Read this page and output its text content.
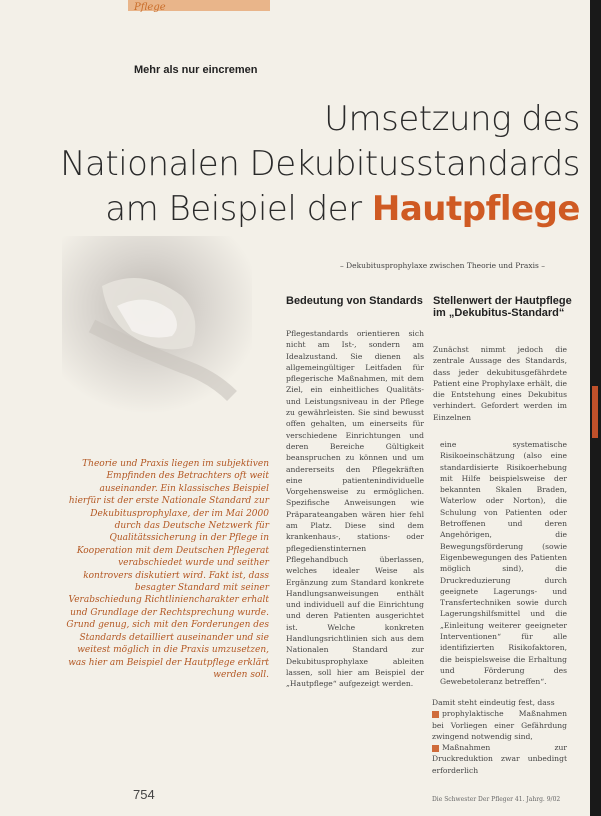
Pflege
Mehr als nur eincremen
Umsetzung des
Nationalen Dekubitusstandards
am Beispiel der Hautpflege
– Dekubitusprophylaxe zwischen Theorie und Praxis –
Theorie und Praxis liegen im subjektiven Empfinden des Betrachters oft weit auseinander. Ein klassisches Beispiel hierfür ist der erste Nationale Standard zur Dekubitusprophylaxe, der im Mai 2000 durch das Deutsche Netzwerk für Qualitätssicherung in der Pflege in Kooperation mit dem Deutschen Pflegerat verabschiedet wurde und seither kontrovers diskutiert wird. Fakt ist, dass besagter Standard mit seiner Verabschiedung Richtliniencharakter erhalt und Grundlage der Rechtsprechung wurde. Grund genug, sich mit den Forderungen des Standards detailliert auseinander und sie weitest möglich in die Praxis umzusetzen, was hier am Beispiel der Hautpflege erklärt werden soll.
Bedeutung von Standards
Pflegestandards orientieren sich nicht am Ist-, sondern am Idealzustand. Sie dienen als allgemeingültiger Leitfaden für pflegerische Maßnahmen, mit dem Ziel, ein einheitliches Qualitäts- und Leistungsniveau in der Pflege zu gewährleisten. Sie sind bewusst offen gehalten, um einerseits für verschiedene Einrichtungen und deren Bereiche Gültigkeit beanspruchen zu können und um andererseits den Pflegekräften eine patientenindividuelle Vorgehensweise zu ermöglichen. Spezifische Anweisungen wie Präparateangaben wären hier fehl am Platz. Diese sind dem krankenhaus-, stations- oder pflegedienstinternen Pflegehandbuch überlassen, welches idealer Weise als Ergänzung zum Standard konkrete Handlungsanweisungen enthält und individuell auf die Einrichtung und deren Patienten ausgerichtet ist. Welche konkreten Handlungsrichtlinien sich aus dem Nationalen Standard zur Dekubitusprophylaxe ableiten lassen, soll hier am Beispiel der „Hautpflege“ aufgezeigt werden.
Stellenwert der Hautpflege im „Dekubitus-Standard“
Zunächst nimmt jedoch die zentrale Aussage des Standards, dass jeder dekubitusgefährdete Patient eine Prophylaxe erhält, die die Entstehung eines Dekubitus verhindert. Gefordert werden im Einzelnen
eine systematische Risikoeinschätzung (also eine standardisierte Risikoerhebung mit Hilfe beispielsweise der bekannten Skalen Braden, Waterlow oder Norton), die Schulung von Patienten oder Betroffenen und deren Angehörigen, die Bewegungsförderung (sowie Eigenbewegungen des Patienten möglich sind), die Druckreduzierung durch geeignete Lagerungs- und Transfertechniken sowie durch Lagerungshilfsmittel und die „Einleitung weiterer geeigneter Interventionen“ für alle identifizierten Risikofaktoren, die beispielsweise die Erhaltung und Förderung des Gewebetoleranz betreffen“.
Damit steht eindeutig fest, dass
prophylaktische Maßnahmen bei Vorliegen einer Gefährdung zwingend notwendig sind,
Maßnahmen zur Druckreduktion zwar unbedingt erforderlich
754	Die Schwester Der Pfleger 41. Jahrg. 9/02
